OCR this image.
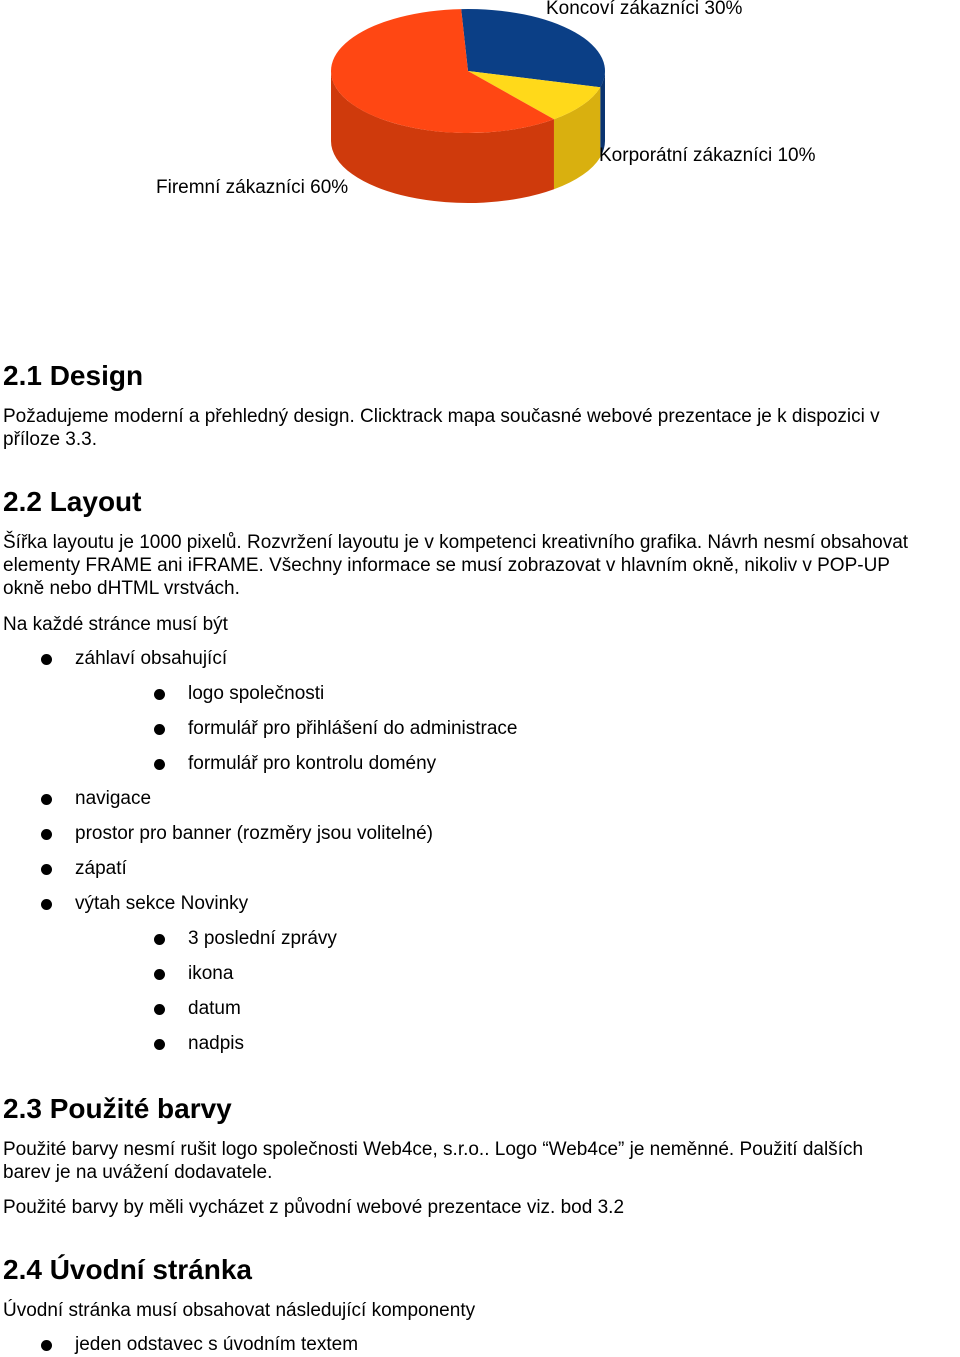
Koncoví zákazníci 30%
Korporátní zákazníci 10%
Firemní zákazníci 60%
2.1 Design
Požadujeme moderní a přehledný design. Clicktrack mapa současné webové prezentace je k dispozici v
příloze 3.3.
2.2 Layout
Šířka layoutu je 1000 pixelů. Rozvržení layoutu je v kompetenci kreativního grafika. Návrh nesmí obsahovat
elementy FRAME ani iFRAME. Všechny informace se musí zobrazovat v hlavním okně, nikoliv v POP-UP
okně nebo dHTML vrstvách.
Na každé stránce musí být
záhlaví obsahující
logo společnosti
formulář pro přihlášení do administrace
formulář pro kontrolu domény
navigace
prostor pro banner (rozměry jsou volitelné)
zápatí
výtah sekce Novinky
3 poslední zprávy
ikona
datum
nadpis
2.3 Použité barvy
Použité barvy nesmí rušit logo společnosti Web4ce, s.r.o.. Logo “Web4ce” je neměnné. Použití dalších
barev je na uvážení dodavatele.
Použité barvy by měli vycházet z původní webové prezentace viz. bod 3.2
2.4 Úvodní stránka
Úvodní stránka musí obsahovat následující komponenty
jeden odstavec s úvodním textem
